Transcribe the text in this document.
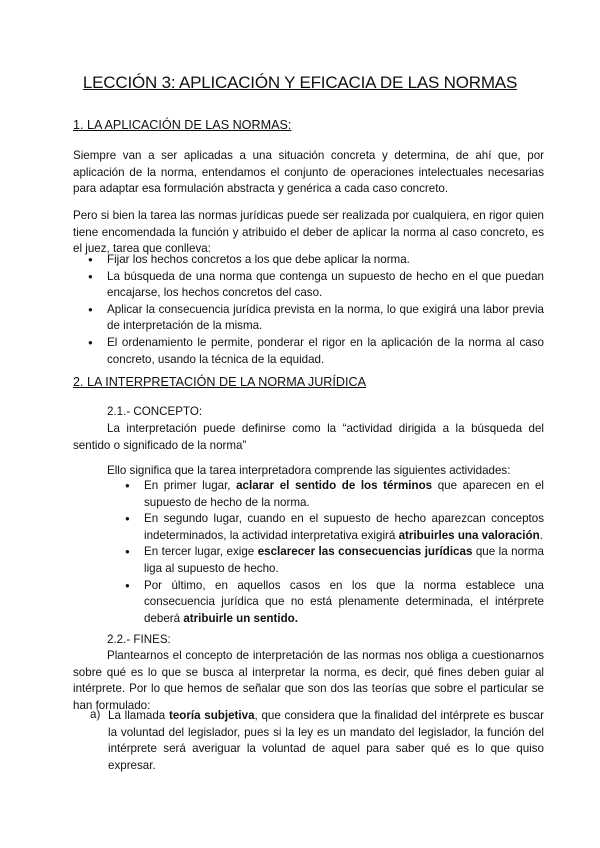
LECCIÓN 3: APLICACIÓN Y EFICACIA DE LAS NORMAS
1. LA APLICACIÓN DE LAS NORMAS:

Siempre van a ser aplicadas a una situación concreta y determina, de ahí que, por aplicación de la norma, entendamos el conjunto de operaciones intelectuales necesarias para adaptar esa formulación abstracta y genérica a cada caso concreto.

Pero si bien la tarea las normas jurídicas puede ser realizada por cualquiera, en rigor quien tiene encomendada la función y atribuido el deber de aplicar la norma al caso concreto, es el juez, tarea que conlleva:

● Fijar los hechos concretos a los que debe aplicar la norma.
● La búsqueda de una norma que contenga un supuesto de hecho en el que puedan encajarse, los hechos concretos del caso.
● Aplicar la consecuencia jurídica prevista en la norma, lo que exigirá una labor previa de interpretación de la misma.
● El ordenamiento le permite, ponderar el rigor en la aplicación de la norma al caso concreto, usando la técnica de la equidad.
2. LA INTERPRETACIÓN DE LA NORMA JURÍDICA
2.1.- CONCEPTO:

La interpretación puede definirse como la “actividad dirigida a la búsqueda del sentido o significado de la norma”

Ello significa que la tarea interpretadora comprende las siguientes actividades:

● En primer lugar, aclarar el sentido de los términos que aparecen en el supuesto de hecho de la norma.
● En segundo lugar, cuando en el supuesto de hecho aparezcan conceptos indeterminados, la actividad interpretativa exigirá atribuirles una valoración.
● En tercer lugar, exige esclarecer las consecuencias jurídicas que la norma liga al supuesto de hecho.
● Por último, en aquellos casos en los que la norma establece una consecuencia jurídica que no está plenamente determinada, el intérprete deberá atribuirle un sentido.
2.2.- FINES:

Plantearnos el concepto de interpretación de las normas nos obliga a cuestionarnos sobre qué es lo que se busca al interpretar la norma, es decir, qué fines deben guiar al intérprete. Por lo que hemos de señalar que son dos las teorías que sobre el particular se han formulado:

a) La llamada teoría subjetiva, que considera que la finalidad del intérprete es buscar la voluntad del legislador, pues si la ley es un mandato del legislador, la función del intérprete será averiguar la voluntad de aquel para saber qué es lo que quiso expresar.
